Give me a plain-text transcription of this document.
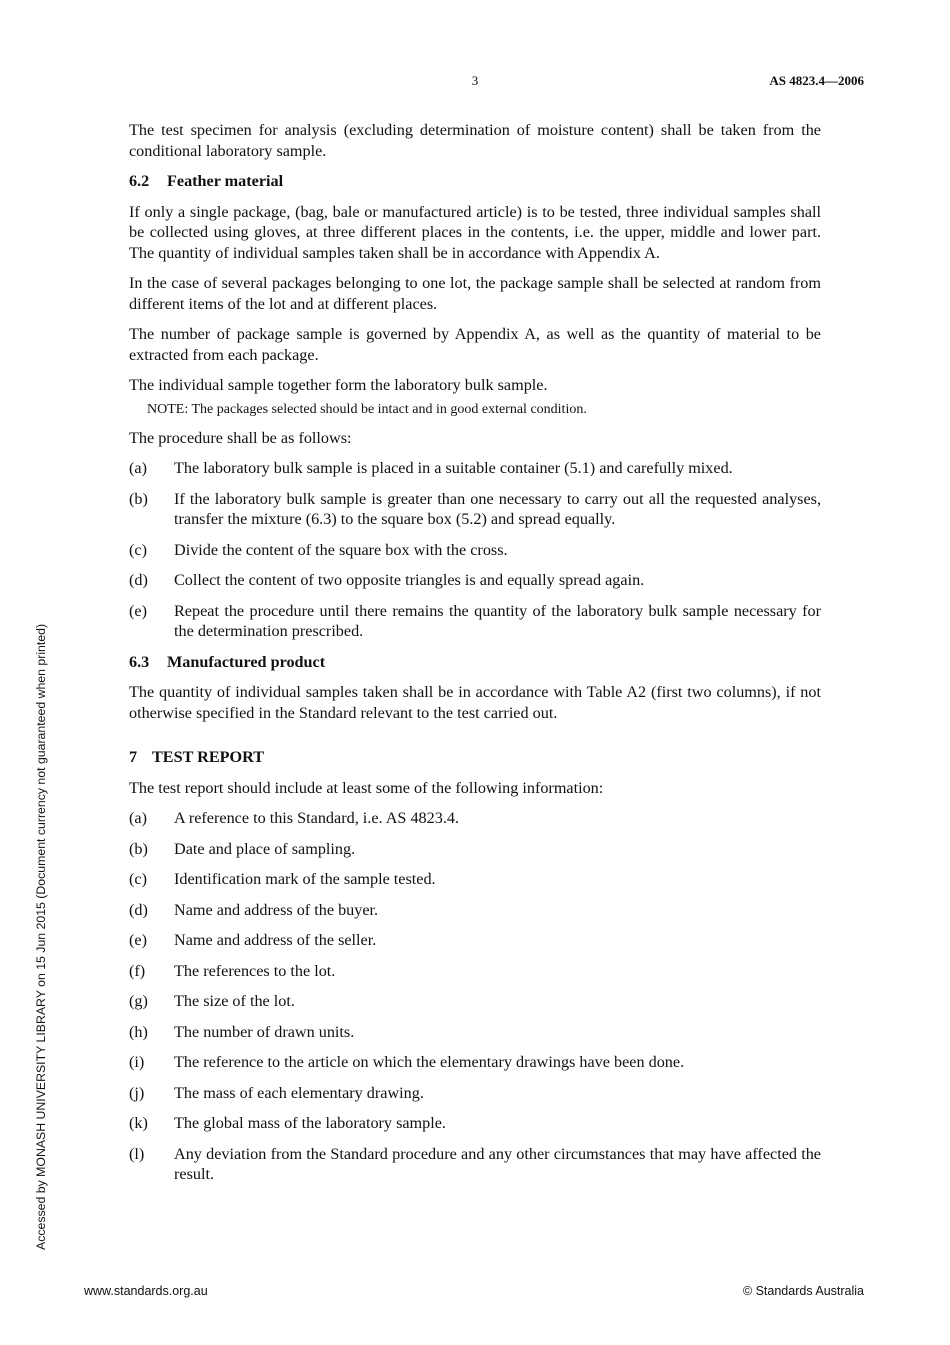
3	AS 4823.4—2006

The test specimen for analysis (excluding determination of moisture content) shall be taken from the conditional laboratory sample.

6.2 Feather material

If only a single package, (bag, bale or manufactured article) is to be tested, three individual samples shall be collected using gloves, at three different places in the contents, i.e. the upper, middle and lower part. The quantity of individual samples taken shall be in accordance with Appendix A.

In the case of several packages belonging to one lot, the package sample shall be selected at random from different items of the lot and at different places.

The number of package sample is governed by Appendix A, as well as the quantity of material to be extracted from each package.

The individual sample together form the laboratory bulk sample.

NOTE: The packages selected should be intact and in good external condition.

The procedure shall be as follows:

(a)	The laboratory bulk sample is placed in a suitable container (5.1) and carefully mixed.
(b)	If the laboratory bulk sample is greater than one necessary to carry out all the requested analyses, transfer the mixture (6.3) to the square box (5.2) and spread equally.
(c)	Divide the content of the square box with the cross.
(d)	Collect the content of two opposite triangles is and equally spread again.
(e)	Repeat the procedure until there remains the quantity of the laboratory bulk sample necessary for the determination prescribed.
6.3 Manufactured product

The quantity of individual samples taken shall be in accordance with Table A2 (first two columns), if not otherwise specified in the Standard relevant to the test carried out.

7 TEST REPORT

The test report should include at least some of the following information:

(a)	A reference to this Standard, i.e. AS 4823.4.
(b)	Date and place of sampling.
(c)	Identification mark of the sample tested.
(d)	Name and address of the buyer.
(e)	Name and address of the seller.
(f)	The references to the lot.
(g)	The size of the lot.
(h)	The number of drawn units.
(i)	The reference to the article on which the elementary drawings have been done.
(j)	The mass of each elementary drawing.
(k)	The global mass of the laboratory sample.
(l)	Any deviation from the Standard procedure and any other circumstances that may have affected the result.
Accessed by MONASH UNIVERSITY LIBRARY on 15 Jun 2015 (Document currency not guaranteed when printed)
www.standards.org.au	© Standards Australia
